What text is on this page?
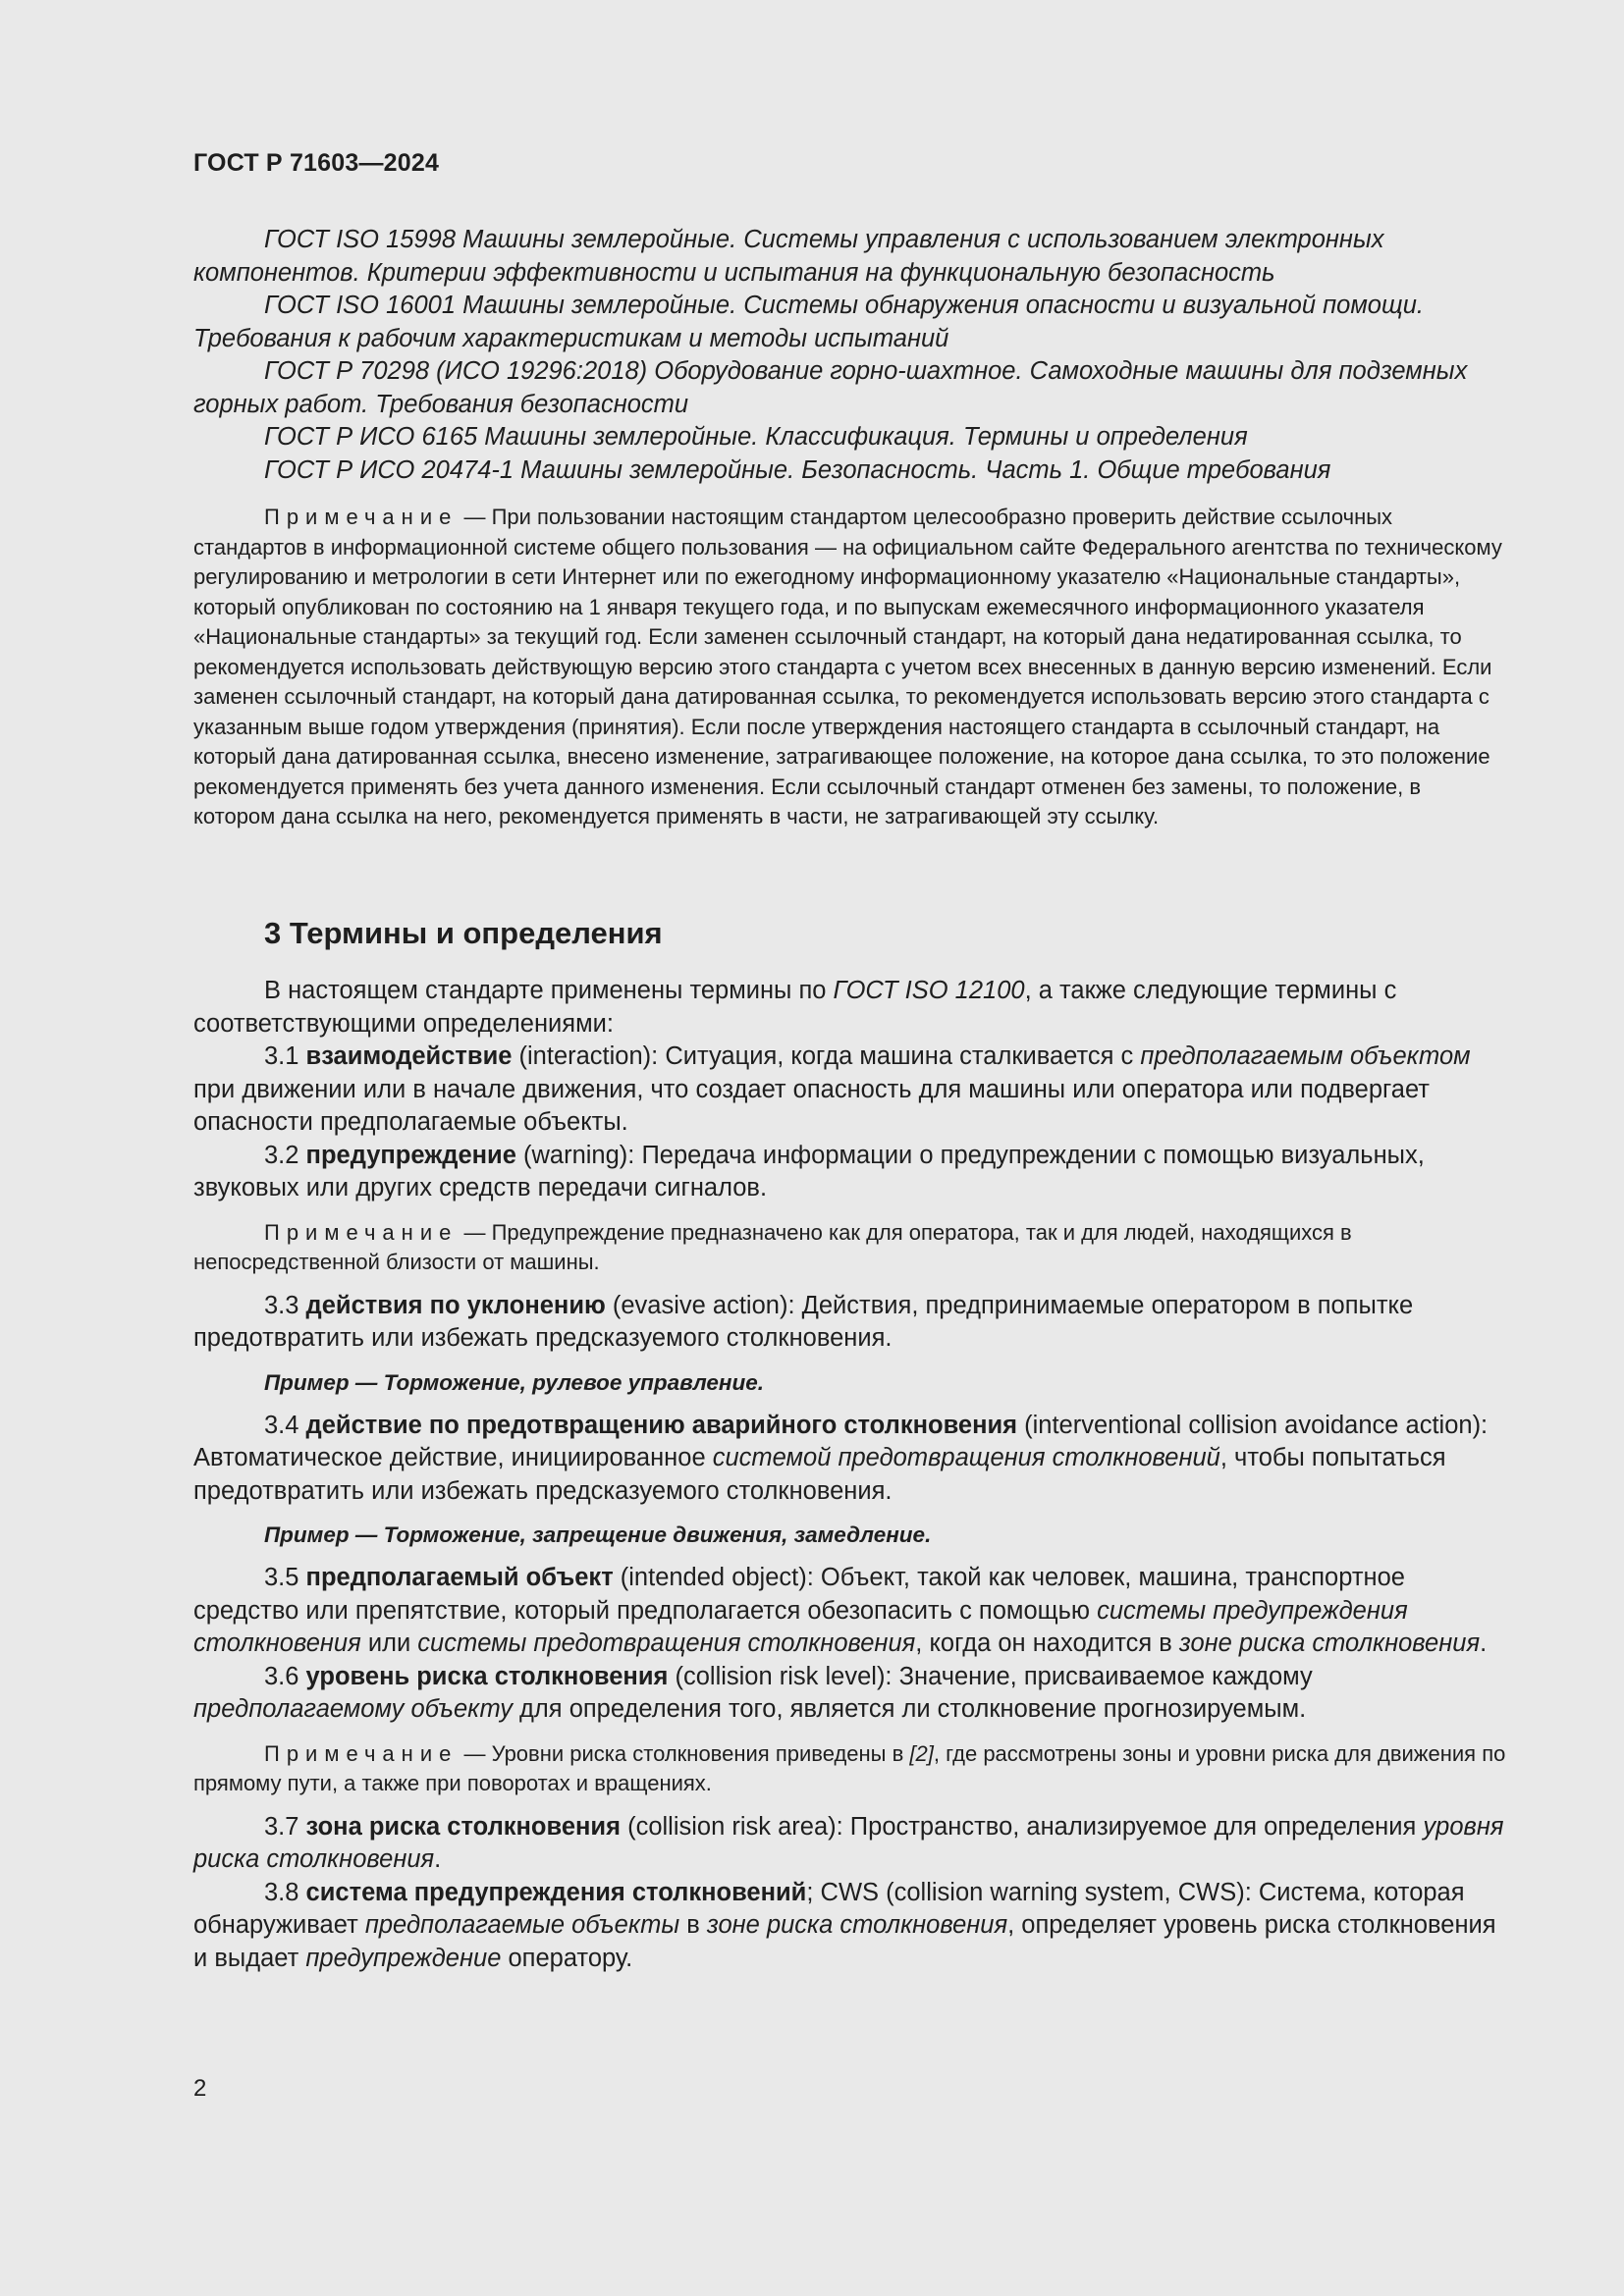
ГОСТ Р 71603—2024

ГОСТ ISO 15998 Машины землеройные. Системы управления с использованием электронных компонентов. Критерии эффективности и испытания на функциональную безопасность

ГОСТ ISO 16001 Машины землеройные. Системы обнаружения опасности и визуальной помощи. Требования к рабочим характеристикам и методы испытаний

ГОСТ Р 70298 (ИСО 19296:2018) Оборудование горно-шахтное. Самоходные машины для подземных горных работ. Требования безопасности

ГОСТ Р ИСО 6165 Машины землеройные. Классификация. Термины и определения

ГОСТ Р ИСО 20474-1 Машины землеройные. Безопасность. Часть 1. Общие требования

Примечание — При пользовании настоящим стандартом целесообразно проверить действие ссылочных стандартов в информационной системе общего пользования — на официальном сайте Федерального агентства по техническому регулированию и метрологии в сети Интернет или по ежегодному информационному указателю «Национальные стандарты», который опубликован по состоянию на 1 января текущего года, и по выпускам ежемесячного информационного указателя «Национальные стандарты» за текущий год. Если заменен ссылочный стандарт, на который дана недатированная ссылка, то рекомендуется использовать действующую версию этого стандарта с учетом всех внесенных в данную версию изменений. Если заменен ссылочный стандарт, на который дана датированная ссылка, то рекомендуется использовать версию этого стандарта с указанным выше годом утверждения (принятия). Если после утверждения настоящего стандарта в ссылочный стандарт, на который дана датированная ссылка, внесено изменение, затрагивающее положение, на которое дана ссылка, то это положение рекомендуется применять без учета данного изменения. Если ссылочный стандарт отменен без замены, то положение, в котором дана ссылка на него, рекомендуется применять в части, не затрагивающей эту ссылку.

3 Термины и определения

В настоящем стандарте применены термины по ГОСТ ISO 12100, а также следующие термины с соответствующими определениями:

3.1 взаимодействие (interaction): Ситуация, когда машина сталкивается с предполагаемым объектом при движении или в начале движения, что создает опасность для машины или оператора или подвергает опасности предполагаемые объекты.

3.2 предупреждение (warning): Передача информации о предупреждении с помощью визуальных, звуковых или других средств передачи сигналов.

Примечание — Предупреждение предназначено как для оператора, так и для людей, находящихся в непосредственной близости от машины.

3.3 действия по уклонению (evasive action): Действия, предпринимаемые оператором в попытке предотвратить или избежать предсказуемого столкновения.

Пример — Торможение, рулевое управление.

3.4 действие по предотвращению аварийного столкновения (interventional collision avoidance action): Автоматическое действие, инициированное системой предотвращения столкновений, чтобы попытаться предотвратить или избежать предсказуемого столкновения.

Пример — Торможение, запрещение движения, замедление.

3.5 предполагаемый объект (intended object): Объект, такой как человек, машина, транспортное средство или препятствие, который предполагается обезопасить с помощью системы предупреждения столкновения или системы предотвращения столкновения, когда он находится в зоне риска столкновения.

3.6 уровень риска столкновения (collision risk level): Значение, присваиваемое каждому предполагаемому объекту для определения того, является ли столкновение прогнозируемым.

Примечание — Уровни риска столкновения приведены в [2], где рассмотрены зоны и уровни риска для движения по прямому пути, а также при поворотах и вращениях.

3.7 зона риска столкновения (collision risk area): Пространство, анализируемое для определения уровня риска столкновения.

3.8 система предупреждения столкновений; CWS (collision warning system, CWS): Система, которая обнаруживает предполагаемые объекты в зоне риска столкновения, определяет уровень риска столкновения и выдает предупреждение оператору.

2
